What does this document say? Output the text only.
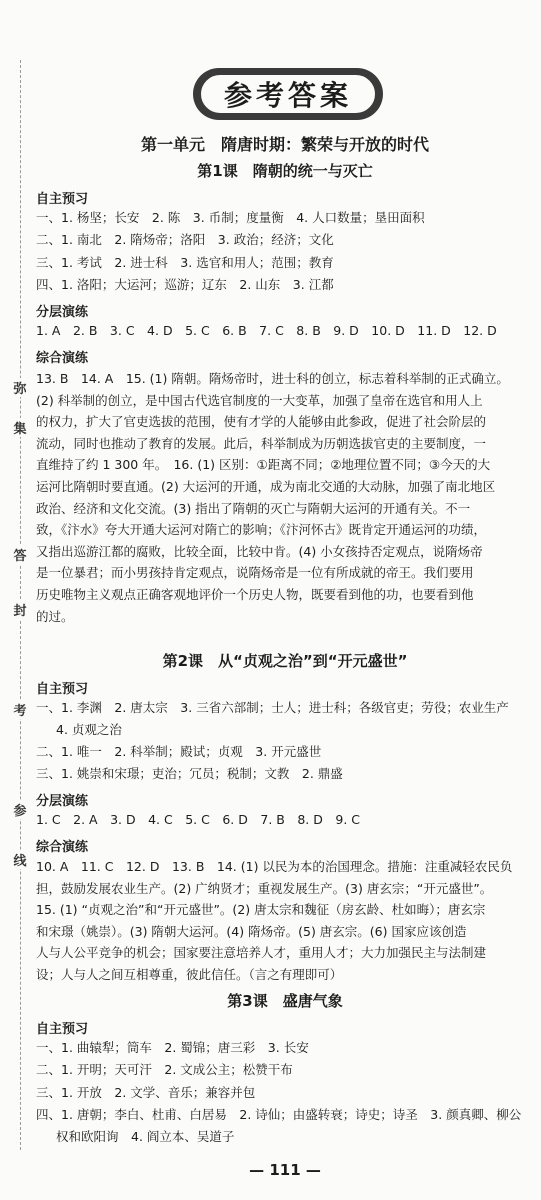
弥
集
答
封
考
线
参
参考答案
第一单元　隋唐时期：繁荣与开放的时代
第1课　隋朝的统一与灭亡
自主预习
一、1. 杨坚；长安　2. 陈　3. 币制；度量衡　4. 人口数量；垦田面积
二、1. 南北　2. 隋炀帝；洛阳　3. 政治；经济；文化
三、1. 考试　2. 进士科　3. 选官和用人；范围；教育
四、1. 洛阳；大运河；巡游；辽东　2. 山东　3. 江都
分层演练
1. A　2. B　3. C　4. D　5. C　6. B　7. C　8. B　9. D　10. D　11. D　12. D
综合演练
13. B　14. A　15. (1) 隋朝。隋炀帝时，进士科的创立，标志着科举制的正式确立。
(2) 科举制的创立，是中国古代选官制度的一大变革，加强了皇帝在选官和用人上
的权力，扩大了官吏选拔的范围，使有才学的人能够由此参政，促进了社会阶层的
流动，同时也推动了教育的发展。此后，科举制成为历朝选拔官吏的主要制度，一
直维持了约 1 300 年。　16. (1) 区别：①距离不同；②地理位置不同；③今天的大
运河比隋朝时要直通。(2) 大运河的开通，成为南北交通的大动脉，加强了南北地区
政治、经济和文化交流。(3) 指出了隋朝的灭亡与隋朝大运河的开通有关。不一
致，《汴水》夸大开通大运河对隋亡的影响；《汴河怀古》既肯定开通运河的功绩，
又指出巡游江都的腐败，比较全面，比较中肯。(4) 小女孩持否定观点，说隋炀帝
是一位暴君；而小男孩持肯定观点，说隋炀帝是一位有所成就的帝王。我们要用
历史唯物主义观点正确客观地评价一个历史人物，既要看到他的功，也要看到他
的过。
第2课　从“贞观之治”到“开元盛世”
自主预习
一、1. 李渊　2. 唐太宗　3. 三省六部制；士人；进士科；各级官吏；劳役；农业生产
4. 贞观之治
二、1. 唯一　2. 科举制；殿试；贞观　3. 开元盛世
三、1. 姚崇和宋璟；吏治；冗员；税制；文教　2. 鼎盛
分层演练
1. C　2. A　3. D　4. C　5. C　6. D　7. B　8. D　9. C
综合演练
10. A　11. C　12. D　13. B　14. (1) 以民为本的治国理念。措施：注重减轻农民负
担，鼓励发展农业生产。(2) 广纳贤才；重视发展生产。(3) 唐玄宗；“开元盛世”。
15. (1) “贞观之治”和“开元盛世”。(2) 唐太宗和魏征（房玄龄、杜如晦）；唐玄宗
和宋璟（姚崇）。(3) 隋朝大运河。(4) 隋炀帝。(5) 唐玄宗。(6) 国家应该创造
人与人公平竞争的机会；国家要注意培养人才，重用人才；大力加强民主与法制建
设；人与人之间互相尊重，彼此信任。（言之有理即可）
第3课　盛唐气象
自主预习
一、1. 曲辕犁；筒车　2. 蜀锦；唐三彩　3. 长安
二、1. 开明；天可汗　2. 文成公主；松赞干布
三、1. 开放　2. 文学、音乐；兼容并包
四、1. 唐朝；李白、杜甫、白居易　2. 诗仙；由盛转衰；诗史；诗圣　3. 颜真卿、柳公
权和欧阳询　4. 阎立本、吴道子
— 111 —
